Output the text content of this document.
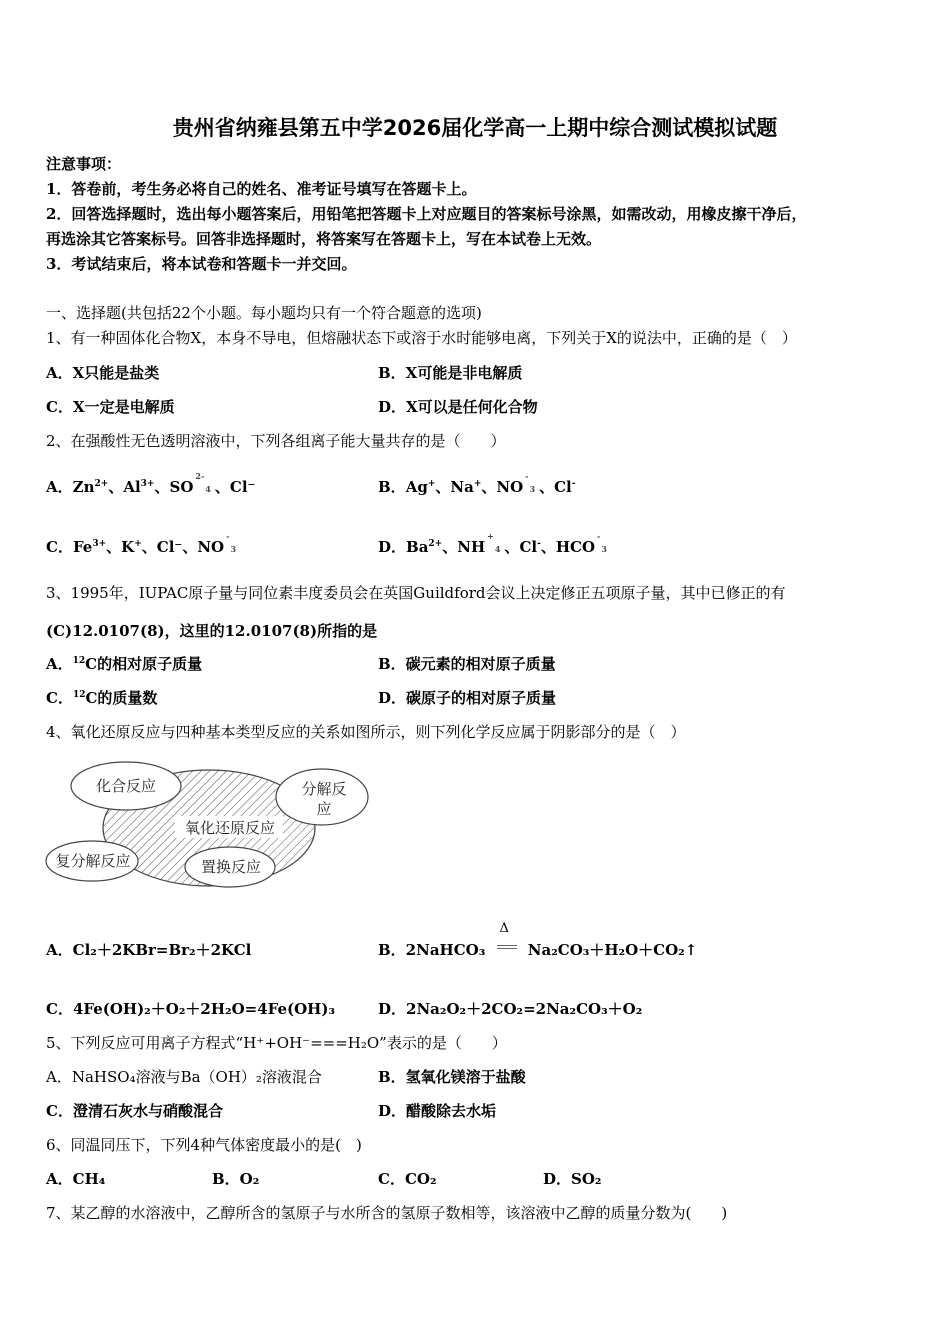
贵州省纳雍县第五中学2026届化学高一上期中综合测试模拟试题
注意事项：
1．答卷前，考生务必将自己的姓名、准考证号填写在答题卡上。
2．回答选择题时，选出每小题答案后，用铅笔把答题卡上对应题目的答案标号涂黑，如需改动，用橡皮擦干净后，
再选涂其它答案标号。回答非选择题时，将答案写在答题卡上，写在本试卷上无效。
3．考试结束后，将本试卷和答题卡一并交回。
一、选择题(共包括22个小题。每小题均只有一个符合题意的选项)
1、有一种固体化合物X，本身不导电，但熔融状态下或溶于水时能够电离，下列关于X的说法中，正确的是（　）
A．X只能是盐类	B．X可能是非电解质
C．X一定是电解质	D．X可以是任何化合物
2、在强酸性无色透明溶液中，下列各组离子能大量共存的是（　　）
A．$Zn^{2+}$、$Al^{3+}$、$SO^{2-}4$ 、Cl⁻	B．Ag+、Na+、NO-3 、Cl-
C．$Fe^{3+}$、K+、Cl⁻、NO-3	D．$Ba^{2+}$、NH+4 、Cl-、HCO-3
3、1995年，IUPAC原子量与同位素丰度委员会在英国Guildford会议上决定修正五项原子量，其中已修正的有
(C)12.0107(8)，这里的12.0107(8)所指的是
A．$^{12}$C的相对原子质量	B．碳元素的相对原子质量
C．$^{12}$C的质量数	D．碳原子的相对原子质量
4、氧化还原反应与四种基本类型反应的关系如图所示，则下列化学反应属于阴影部分的是（　）
化合反应	分解反
应
氧化还原反应
复分解反应	置换反应
A．Cl₂＋2KBr=Br₂＋2KCl	B．2NaHCO₃
Δ
Na₂CO₃＋H₂O＋CO₂↑
C．4Fe(OH)₂＋O₂＋2H₂O=4Fe(OH)₃	D．2Na₂O₂＋2CO₂=2Na₂CO₃＋O₂
5、下列反应可用离子方程式“H⁺+OH⁻===H₂O”表示的是（　　）
A．NaHSO₄溶液与Ba（OH）₂溶液混合	B．氢氧化镁溶于盐酸
C．澄清石灰水与硝酸混合	D．醋酸除去水垢
6、同温同压下，下列4种气体密度最小的是(　)
A．CH₄	B．O₂	C．CO₂	D．SO₂
7、某乙醇的水溶液中，乙醇所含的氢原子与水所含的氢原子数相等，该溶液中乙醇的质量分数为(　　)
